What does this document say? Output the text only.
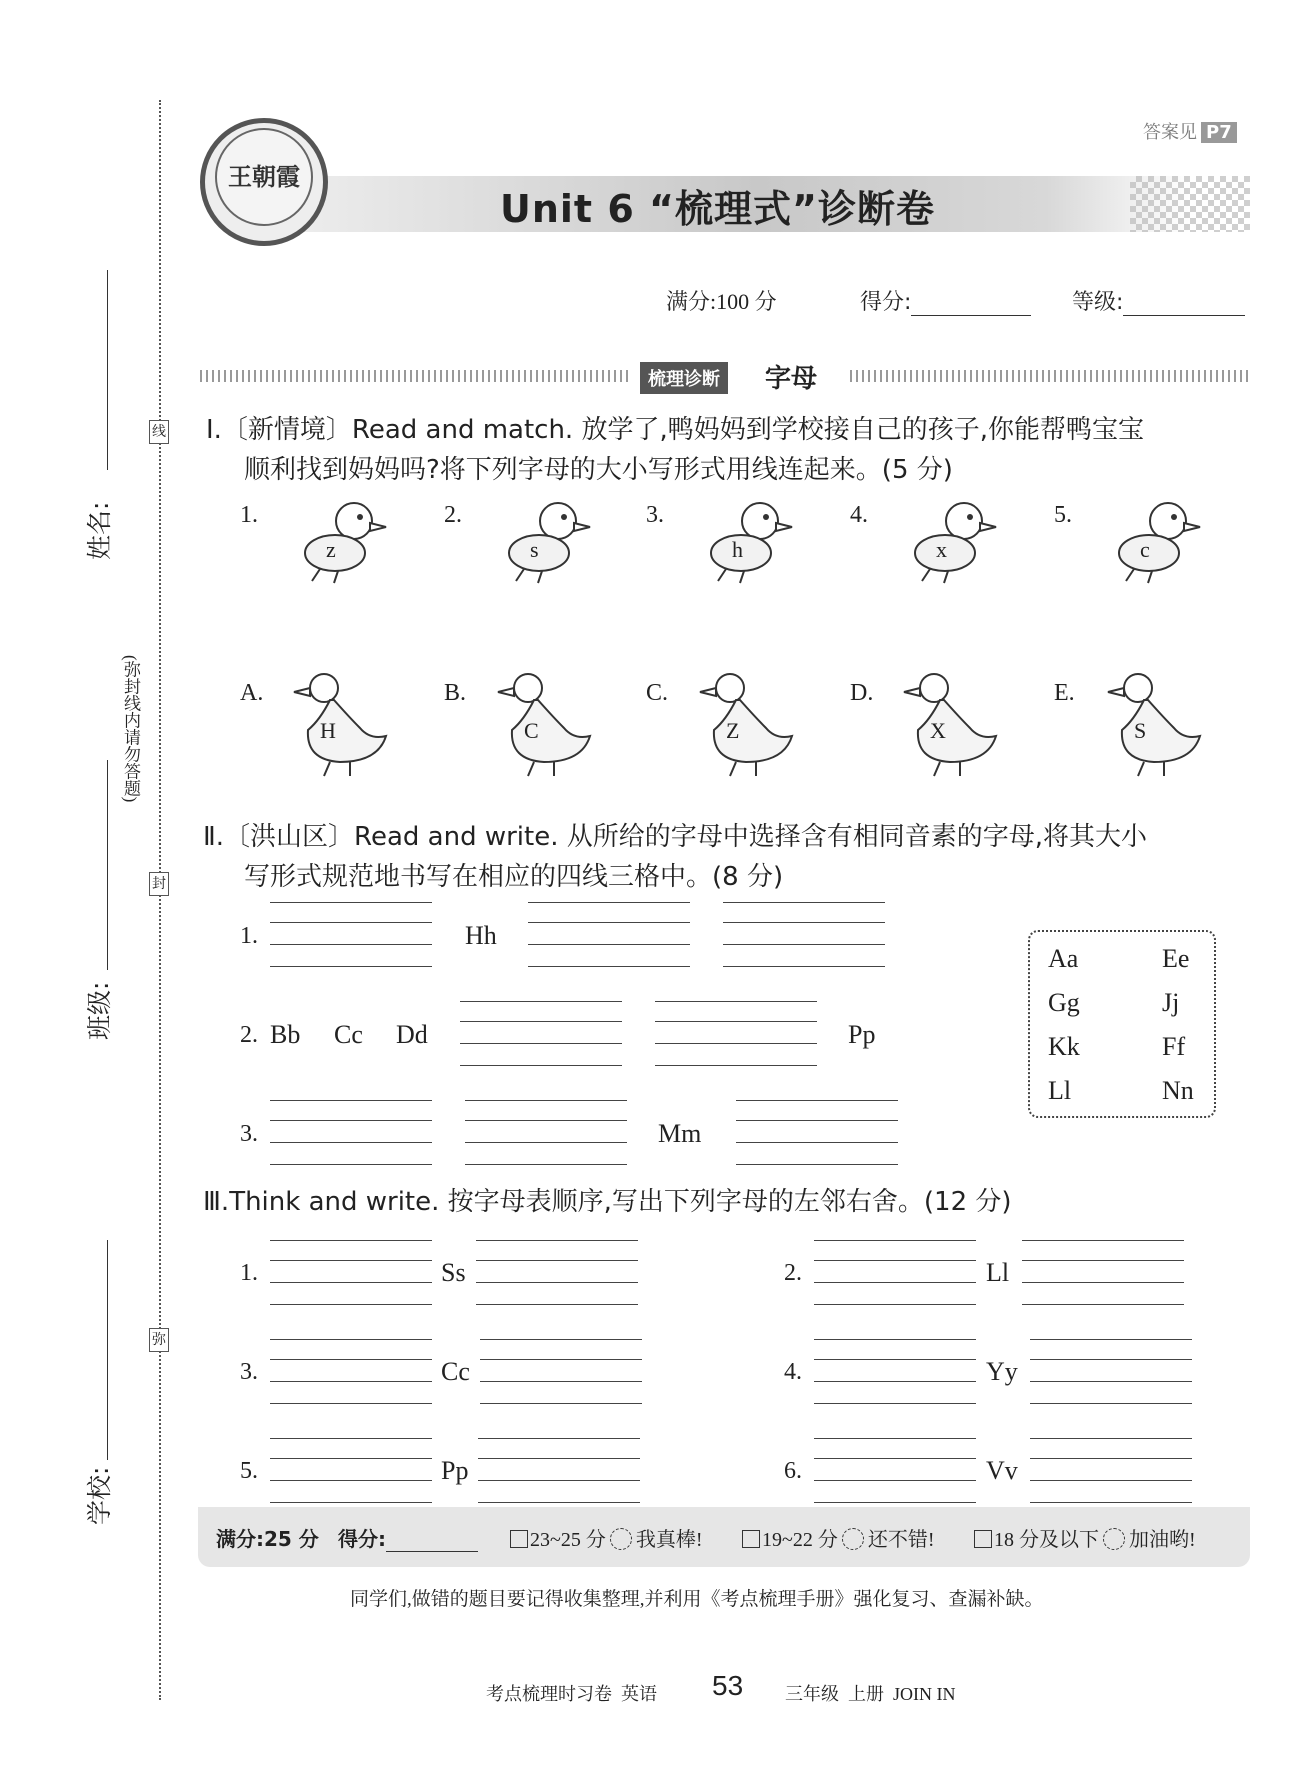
线
封
弥
(弥封线内请勿答题)
姓名:
班级:
学校:
王朝霞
Unit 6 “梳理式”诊断卷
答案见 P7
满分:100 分	得分:	等级:
梳理诊断	字母
Ⅰ.〔新情境〕Read and match. 放学了,鸭妈妈到学校接自己的孩子,你能帮鸭宝宝
顺利找到妈妈吗?将下列字母的大小写形式用线连起来。(5 分)
1.
z
2.
s
3.
h
4.
x
5.
c
A.
H
B.
C
C.
Z
D.
X
E.
S
Ⅱ.〔洪山区〕Read and write. 从所给的字母中选择含有相同音素的字母,将其大小
写形式规范地书写在相应的四线三格中。(8 分)
1.	Hh
2. Bb Cc Dd	Pp
3.	Mm
Aa	Ee
Gg	Jj
Kk	Ff
Ll	Nn
Ⅲ.Think and write. 按字母表顺序,写出下列字母的左邻右舍。(12 分)
1.	Ss	2.	Ll
3.	Cc	4.	Yy
5.	Pp	6.	Vv
满分:25 分 得分:	23~25 分 我真棒!	19~22 分 还不错!	18 分及以下 加油哟!
同学们,做错的题目要记得收集整理,并利用《考点梳理手册》强化复习、查漏补缺。
考点梳理时习卷  英语 53 三年级  上册  JOIN IN
